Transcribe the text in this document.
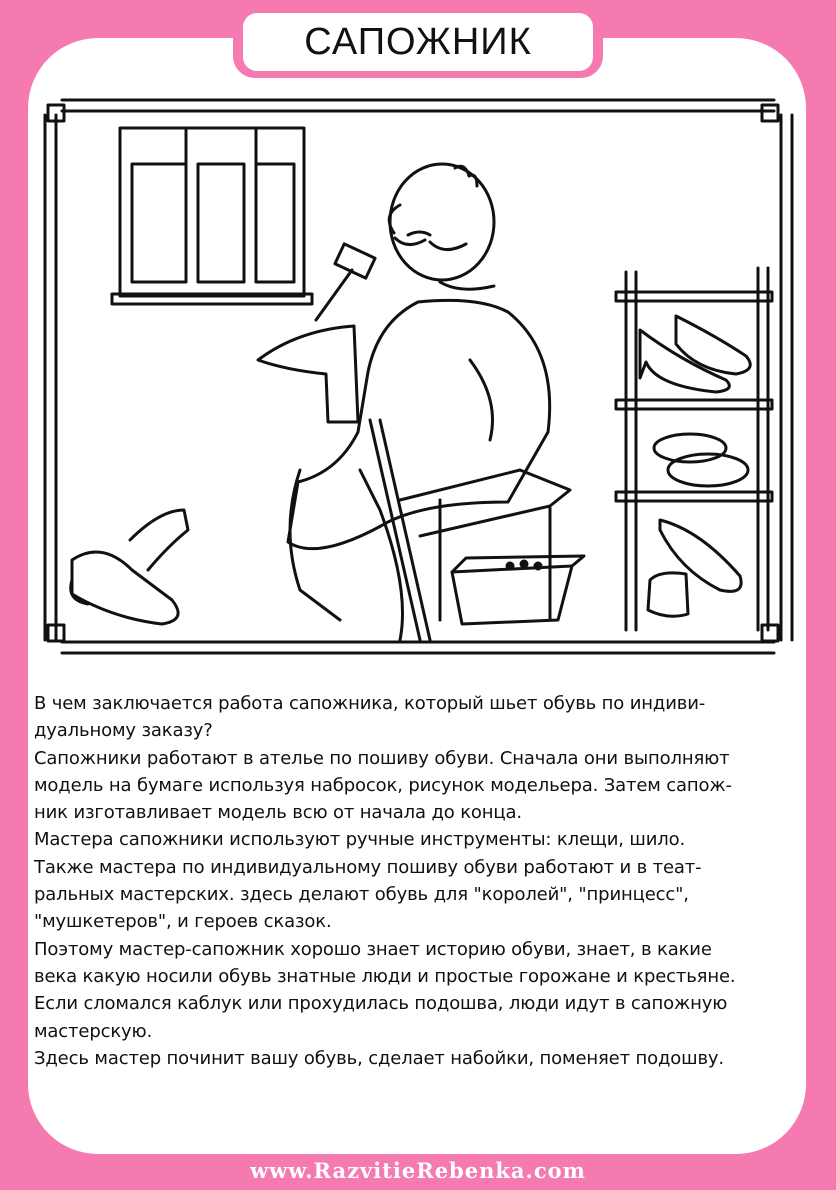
САПОЖНИК
В чем заключается работа сапожника, который шьет обувь по индиви-
дуальному заказу?
Сапожники работают в ателье по пошиву обуви. Сначала они выполняют
модель на бумаге используя набросок, рисунок модельера. Затем сапож-
ник изготавливает модель всю от начала до конца.
Мастера сапожники используют ручные инструменты: клещи, шило.
Также мастера по индивидуальному пошиву обуви работают и в теат-
ральных мастерских. здесь делают обувь для "королей", "принцесс",
"мушкетеров", и героев сказок.
Поэтому мастер-сапожник хорошо знает историю обуви, знает, в какие
века какую носили обувь знатные люди и простые горожане и крестьяне.
Если сломался каблук или прохудилась подошва, люди идут в сапожную
мастерскую.
Здесь мастер починит вашу обувь, сделает набойки, поменяет подошву.
www.RazvitieRebenka.com
